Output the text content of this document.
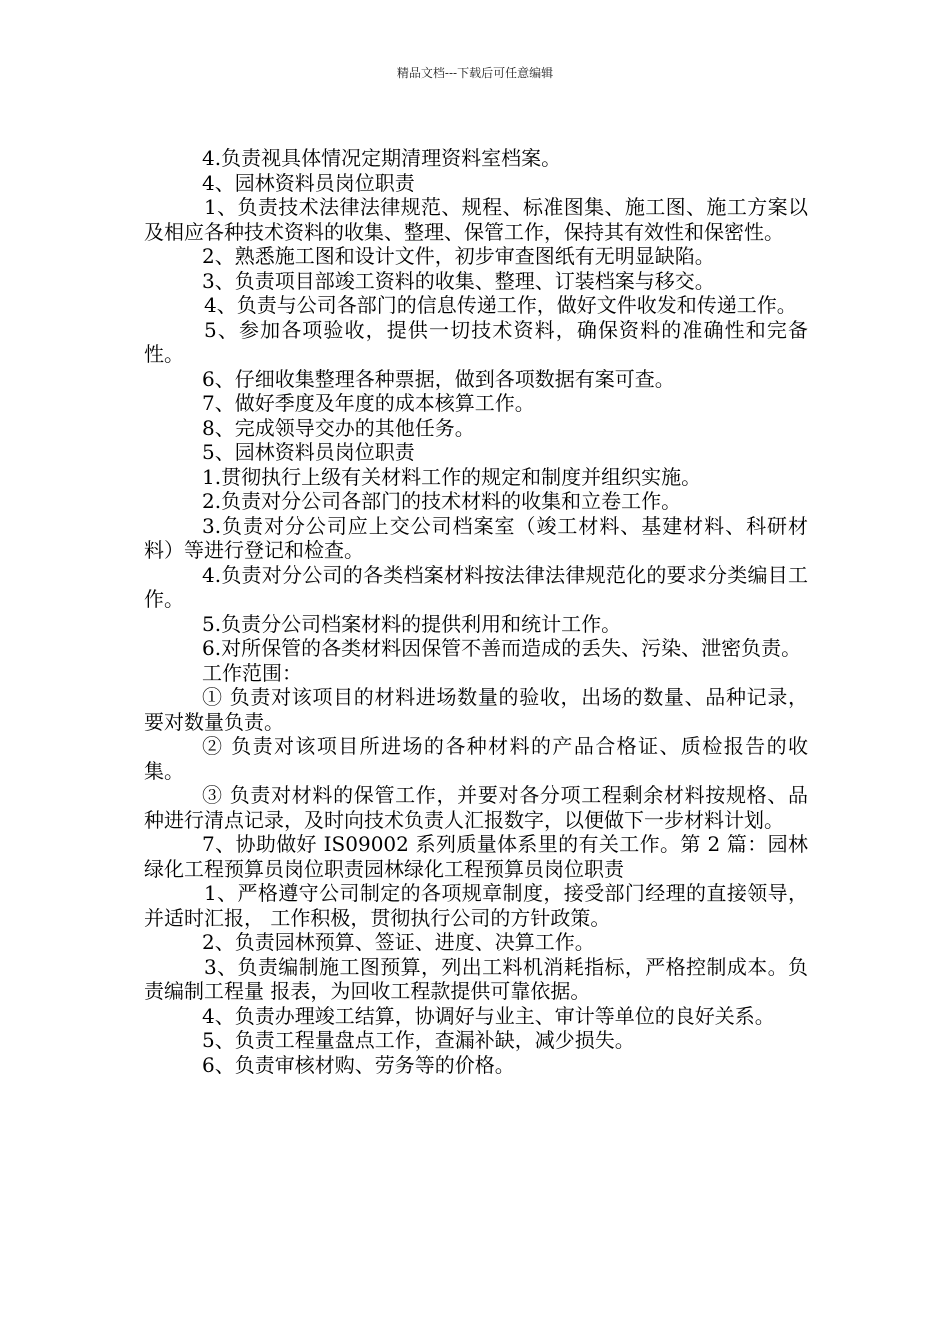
精品文档---下载后可任意编辑

4.负责视具体情况定期清理资料室档案。

4、园林资料员岗位职责

1、负责技术法律法律规范、规程、标准图集、施工图、施工方案以及相应各种技术资料的收集、整理、保管工作，保持其有效性和保密性。

2、熟悉施工图和设计文件，初步审查图纸有无明显缺陷。

3、负责项目部竣工资料的收集、整理、订装档案与移交。

4、负责与公司各部门的信息传递工作，做好文件收发和传递工作。

5、参加各项验收，提供一切技术资料，确保资料的准确性和完备性。

6、仔细收集整理各种票据，做到各项数据有案可查。

7、做好季度及年度的成本核算工作。

8、完成领导交办的其他任务。

5、园林资料员岗位职责

1.贯彻执行上级有关材料工作的规定和制度并组织实施。

2.负责对分公司各部门的技术材料的收集和立卷工作。

3.负责对分公司应上交公司档案室（竣工材料、基建材料、科研材料）等进行登记和检查。

4.负责对分公司的各类档案材料按法律法律规范化的要求分类编目工作。

5.负责分公司档案材料的提供利用和统计工作。

6.对所保管的各类材料因保管不善而造成的丢失、污染、泄密负责。

工作范围：

① 负责对该项目的材料进场数量的验收，出场的数量、品种记录，要对数量负责。

② 负责对该项目所进场的各种材料的产品合格证、质检报告的收集。

③ 负责对材料的保管工作，并要对各分项工程剩余材料按规格、品种进行清点记录，及时向技术负责人汇报数字，以便做下一步材料计划。

7、协助做好 IS09002 系列质量体系里的有关工作。第 2 篇：园林绿化工程预算员岗位职责园林绿化工程预算员岗位职责

1、严格遵守公司制定的各项规章制度，接受部门经理的直接领导，并适时汇报， 工作积极，贯彻执行公司的方针政策。

2、负责园林预算、签证、进度、决算工作。

3、负责编制施工图预算，列出工料机消耗指标，严格控制成本。负责编制工程量 报表，为回收工程款提供可靠依据。

4、负责办理竣工结算，协调好与业主、审计等单位的良好关系。

5、负责工程量盘点工作，查漏补缺，减少损失。

6、负责审核材购、劳务等的价格。
